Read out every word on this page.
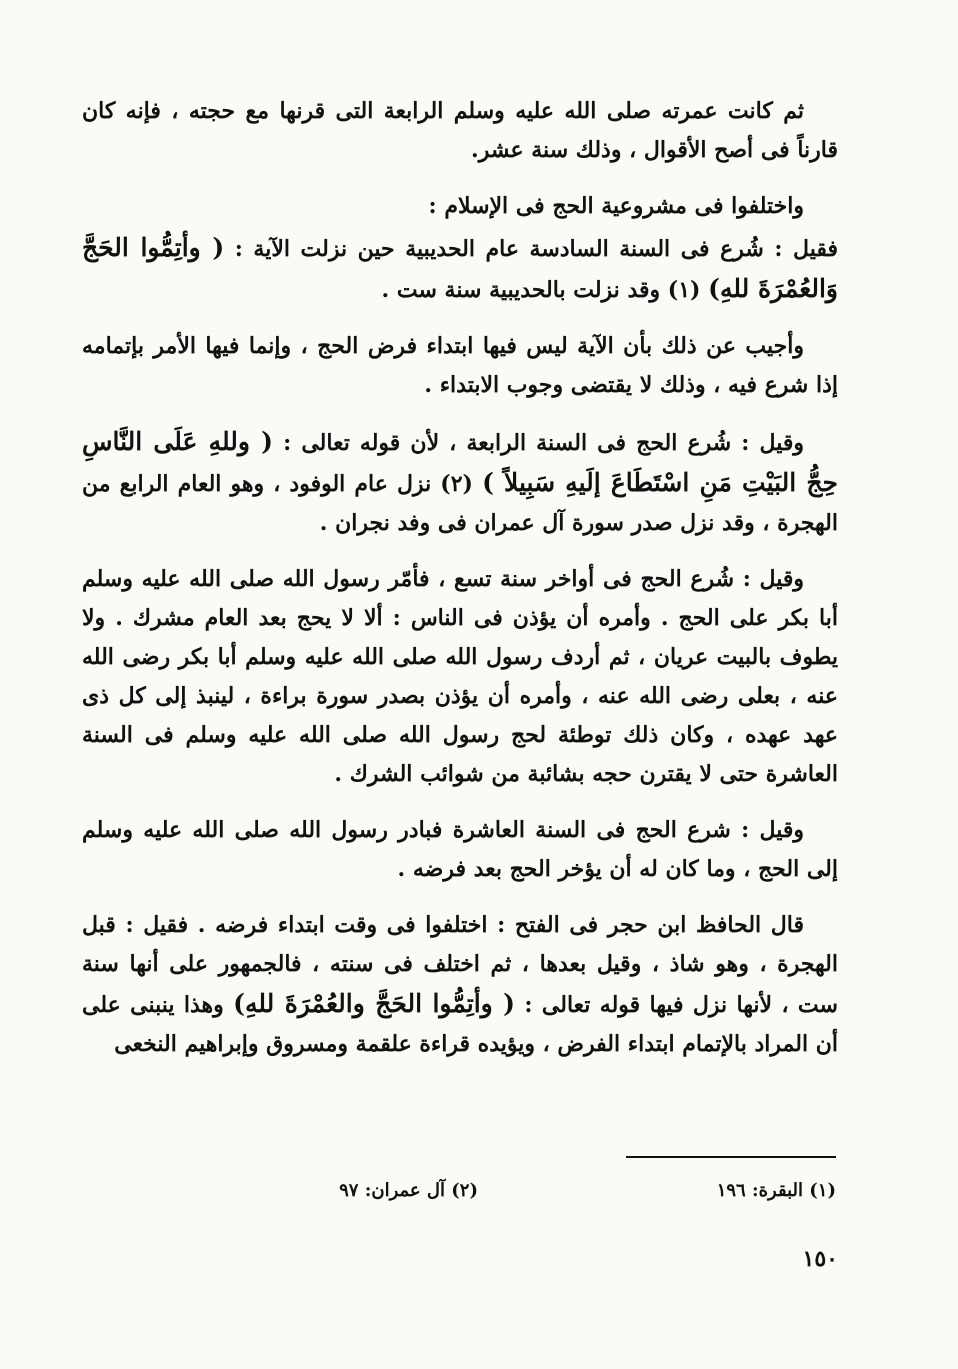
ثم كانت عمرته صلى الله عليه وسلم الرابعة التى قرنها مع حجته ، فإنه كان قارناً فى أصح الأقوال ، وذلك سنة عشر.

واختلفوا فى مشروعية الحج فى الإسلام :

فقيل : شُرع فى السنة السادسة عام الحديبية حين نزلت الآية : ( وأتِمُّوا الحَجَّ وَالعُمْرَةَ للهِ) (١) وقد نزلت بالحديبية سنة ست .

وأجيب عن ذلك بأن الآية ليس فيها ابتداء فرض الحج ، وإنما فيها الأمر بإتمامه إذا شرع فيه ، وذلك لا يقتضى وجوب الابتداء .

وقيل : شُرع الحج فى السنة الرابعة ، لأن قوله تعالى : ( وللهِ عَلَى النَّاسِ حِجُّ البَيْتِ مَنِ اسْتَطَاعَ إلَيهِ سَبِيلاً ) (٢) نزل عام الوفود ، وهو العام الرابع من الهجرة ، وقد نزل صدر سورة آل عمران فى وفد نجران .

وقيل : شُرع الحج فى أواخر سنة تسع ، فأمّر رسول الله صلى الله عليه وسلم أبا بكر على الحج . وأمره أن يؤذن فى الناس : ألا لا يحج بعد العام مشرك . ولا يطوف بالبيت عريان ، ثم أردف رسول الله صلى الله عليه وسلم أبا بكر رضى الله عنه ، بعلى رضى الله عنه ، وأمره أن يؤذن بصدر سورة براءة ، لينبذ إلى كل ذى عهد عهده ، وكان ذلك توطئة لحج رسول الله صلى الله عليه وسلم فى السنة العاشرة حتى لا يقترن حجه بشائبة من شوائب الشرك .

وقيل : شرع الحج فى السنة العاشرة فبادر رسول الله صلى الله عليه وسلم إلى الحج ، وما كان له أن يؤخر الحج بعد فرضه .

قال الحافظ ابن حجر فى الفتح : اختلفوا فى وقت ابتداء فرضه . فقيل : قبل الهجرة ، وهو شاذ ، وقيل بعدها ، ثم اختلف فى سنته ، فالجمهور على أنها سنة ست ، لأنها نزل فيها قوله تعالى : ( وأتِمُّوا الحَجَّ والعُمْرَةَ للهِ) وهذا ينبنى على أن المراد بالإتمام ابتداء الفرض ، ويؤيده قراءة علقمة ومسروق وإبراهيم النخعى

(١) البقرة: ١٩٦
(٢) آل عمران: ٩٧
١٥٠
